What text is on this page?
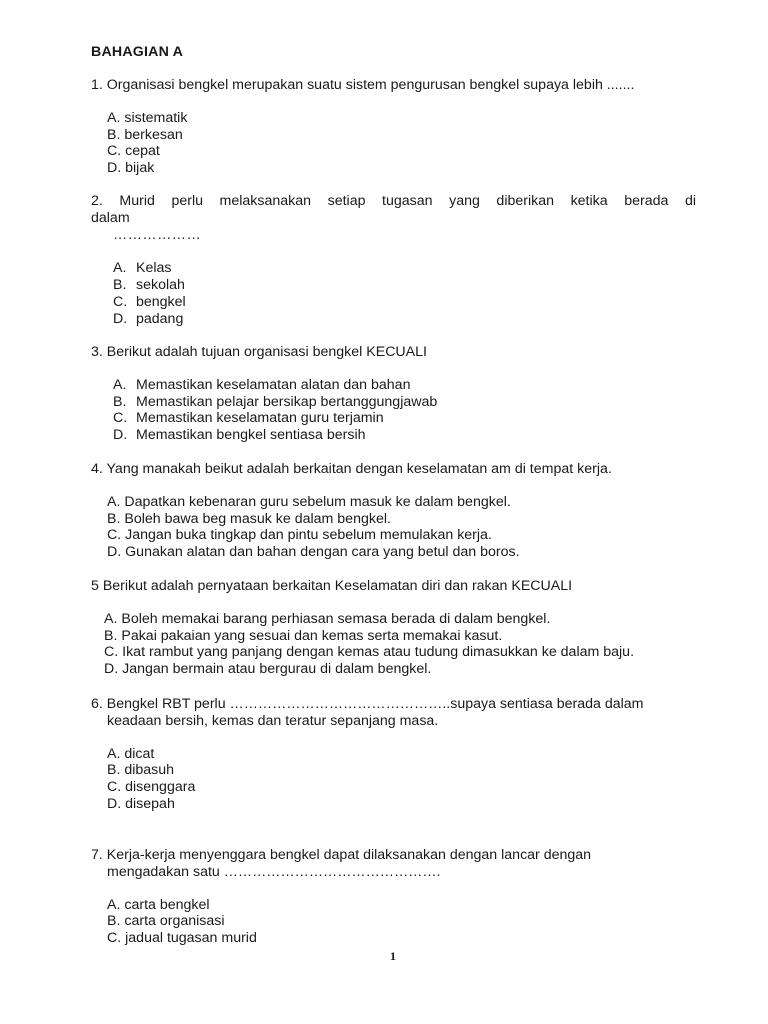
BAHAGIAN A

1. Organisasi bengkel merupakan suatu sistem pengurusan bengkel supaya lebih .......

A. sistematik
B. berkesan
C. cepat
D. bijak

2. Murid perlu melaksanakan setiap tugasan yang diberikan ketika berada di

dalam

………………

A. Kelas
B. sekolah
C. bengkel
D. padang

3. Berikut adalah tujuan organisasi bengkel KECUALI

A. Memastikan keselamatan alatan dan bahan
B. Memastikan pelajar bersikap bertanggungjawab
C. Memastikan keselamatan guru terjamin
D. Memastikan bengkel sentiasa bersih

4. Yang manakah beikut adalah berkaitan dengan keselamatan am di tempat kerja.

A. Dapatkan kebenaran guru sebelum masuk ke dalam bengkel.
B. Boleh bawa beg masuk ke dalam bengkel.
C. Jangan buka tingkap dan pintu sebelum memulakan kerja.
D. Gunakan alatan dan bahan dengan cara yang betul dan boros.

5 Berikut adalah pernyataan berkaitan Keselamatan diri dan rakan KECUALI

A. Boleh memakai barang perhiasan semasa berada di dalam bengkel.
B. Pakai pakaian yang sesuai dan kemas serta memakai kasut.
C. Ikat rambut yang panjang dengan kemas atau tudung dimasukkan ke dalam baju.
D. Jangan bermain atau bergurau di dalam bengkel.

6. Bengkel RBT perlu ………………………………………..supaya sentiasa berada dalam

keadaan bersih, kemas dan teratur sepanjang masa.

A. dicat
B. dibasuh
C. disenggara
D. disepah

7. Kerja-kerja menyenggara bengkel dapat dilaksanakan dengan lancar dengan

mengadakan satu ……………………………………….

A. carta bengkel
B. carta organisasi
C. jadual tugasan murid
1
